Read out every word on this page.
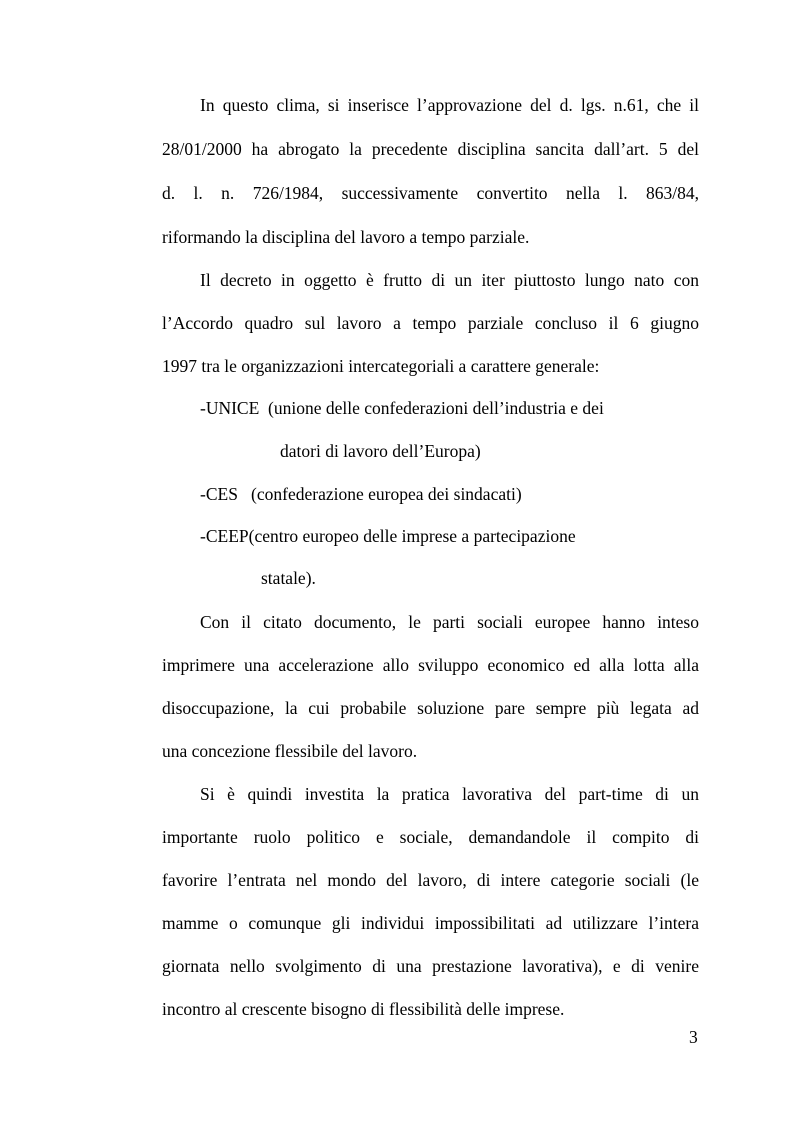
In questo clima, si inserisce l’approvazione del d. lgs. n.61, che il
28/01/2000 ha abrogato la precedente disciplina sancita dall’art. 5 del
d. l. n. 726/1984, successivamente convertito nella l. 863/84,
riformando la disciplina del lavoro a tempo parziale.
Il decreto in oggetto è frutto di un iter piuttosto lungo nato con
l’Accordo quadro sul lavoro a tempo parziale concluso il 6 giugno
1997 tra le organizzazioni intercategoriali a carattere generale:
-UNICE  (unione delle confederazioni dell’industria e dei
datori di lavoro dell’Europa)
-CES   (confederazione europea dei sindacati)
-CEEP(centro europeo delle imprese a partecipazione
statale).
Con il citato documento, le parti sociali europee hanno inteso
imprimere una accelerazione allo sviluppo economico ed alla lotta alla
disoccupazione, la cui probabile soluzione pare sempre più legata ad
una concezione flessibile del lavoro.
Si è quindi investita la pratica lavorativa del part-time di un
importante ruolo politico e sociale, demandandole il compito di
favorire l’entrata nel mondo del lavoro, di intere categorie sociali (le
mamme o comunque gli individui impossibilitati ad utilizzare l’intera
giornata nello svolgimento di una prestazione lavorativa), e di venire
incontro al crescente bisogno di flessibilità delle imprese.
3
